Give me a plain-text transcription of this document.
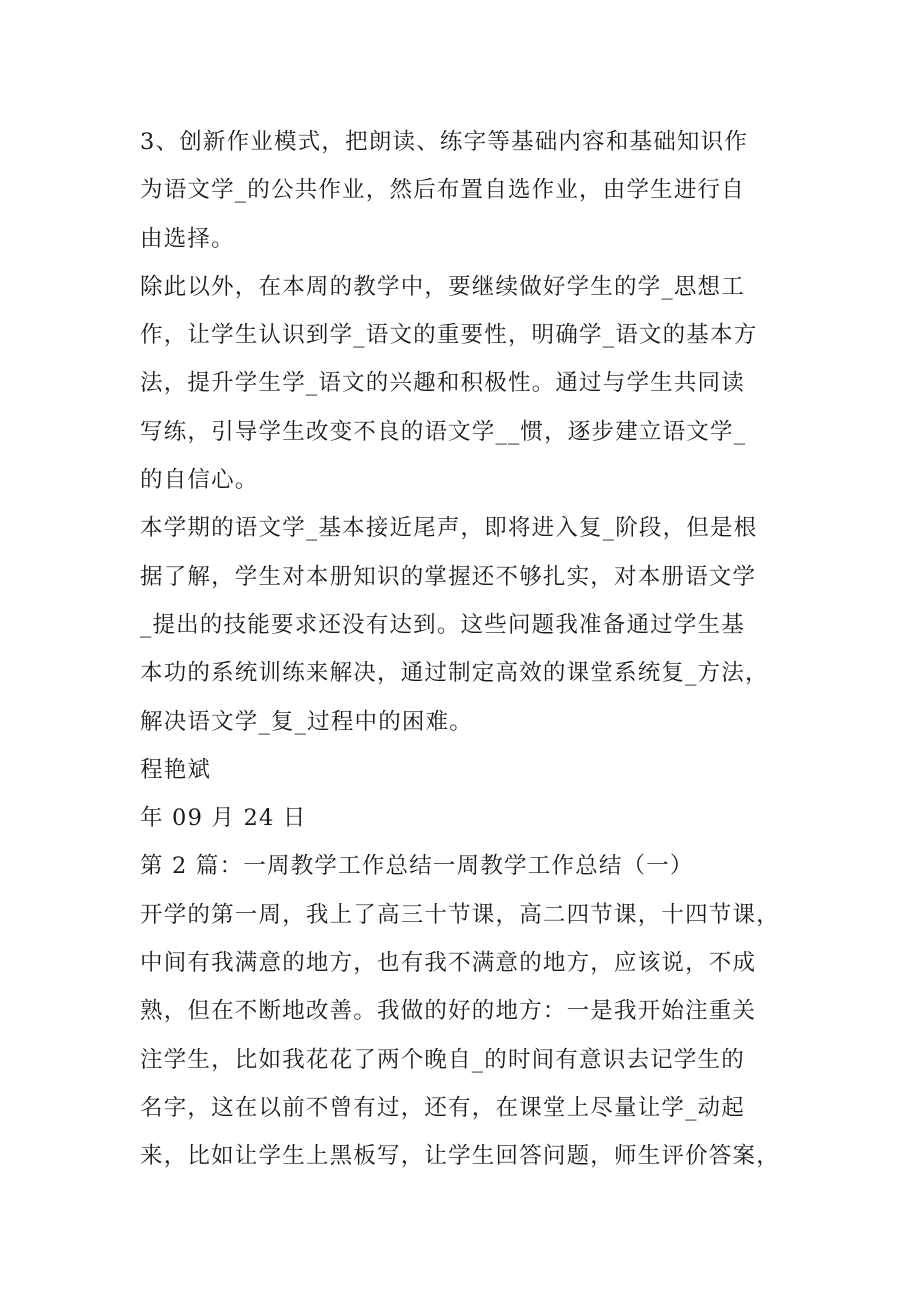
3、创新作业模式，把朗读、练字等基础内容和基础知识作
为语文学_的公共作业，然后布置自选作业，由学生进行自
由选择。
除此以外，在本周的教学中，要继续做好学生的学_思想工
作，让学生认识到学_语文的重要性，明确学_语文的基本方
法，提升学生学_语文的兴趣和积极性。通过与学生共同读
写练，引导学生改变不良的语文学__惯，逐步建立语文学_
的自信心。
本学期的语文学_基本接近尾声，即将进入复_阶段，但是根
据了解，学生对本册知识的掌握还不够扎实，对本册语文学
_提出的技能要求还没有达到。这些问题我准备通过学生基
本功的系统训练来解决，通过制定高效的课堂系统复_方法，
解决语文学_复_过程中的困难。
程艳斌
年 09 月 24 日
第 2 篇：一周教学工作总结一周教学工作总结（一）
开学的第一周，我上了高三十节课，高二四节课，十四节课，
中间有我满意的地方，也有我不满意的地方，应该说，不成
熟，但在不断地改善。我做的好的地方：一是我开始注重关
注学生，比如我花花了两个晚自_的时间有意识去记学生的
名字，这在以前不曾有过，还有，在课堂上尽量让学_动起
来，比如让学生上黑板写，让学生回答问题，师生评价答案，
